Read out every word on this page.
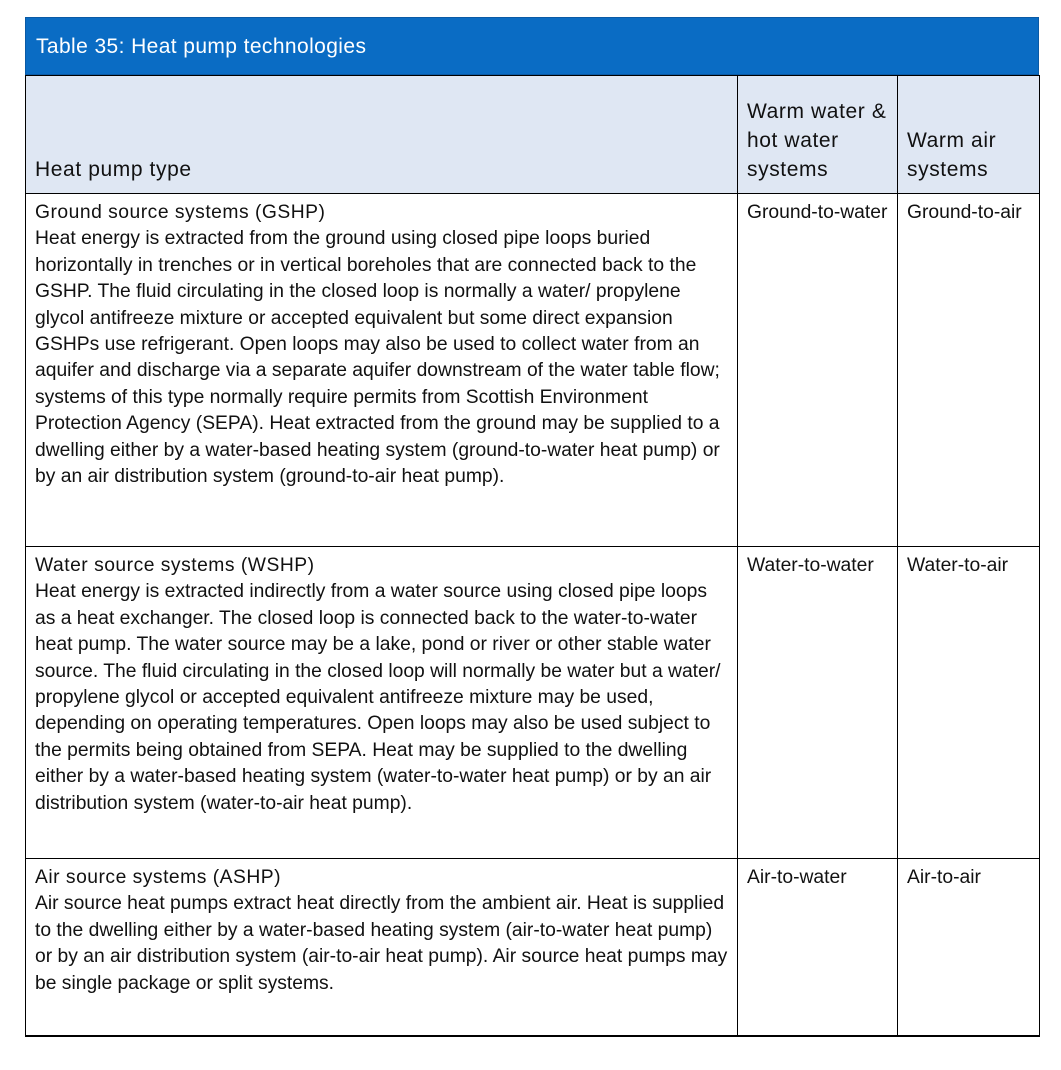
Table 35: Heat pump technologies
Heat pump type	Warm water & hot water systems	Warm air systems
Ground source systems (GSHP)
Heat energy is extracted from the ground using closed pipe loops buried horizontally in trenches or in vertical boreholes that are connected back to the GSHP. The fluid circulating in the closed loop is normally a water/ propylene glycol antifreeze mixture or accepted equivalent but some direct expansion GSHPs use refrigerant. Open loops may also be used to collect water from an aquifer and discharge via a separate aquifer downstream of the water table flow; systems of this type normally require permits from Scottish Environment Protection Agency (SEPA). Heat extracted from the ground may be supplied to a dwelling either by a water-based heating system (ground-to-water heat pump) or by an air distribution system (ground-to-air heat pump).	Ground-to-water	Ground-to-air
Water source systems (WSHP)
Heat energy is extracted indirectly from a water source using closed pipe loops as a heat exchanger. The closed loop is connected back to the water-to-water heat pump. The water source may be a lake, pond or river or other stable water source. The fluid circulating in the closed loop will normally be water but a water/ propylene glycol or accepted equivalent antifreeze mixture may be used, depending on operating temperatures. Open loops may also be used subject to the permits being obtained from SEPA. Heat may be supplied to the dwelling either by a water-based heating system (water-to-water heat pump) or by an air distribution system (water-to-air heat pump).	Water-to-water	Water-to-air
Air source systems (ASHP)
Air source heat pumps extract heat directly from the ambient air. Heat is supplied to the dwelling either by a water-based heating system (air-to-water heat pump) or by an air distribution system (air-to-air heat pump). Air source heat pumps may be single package or split systems.	Air-to-water	Air-to-air
